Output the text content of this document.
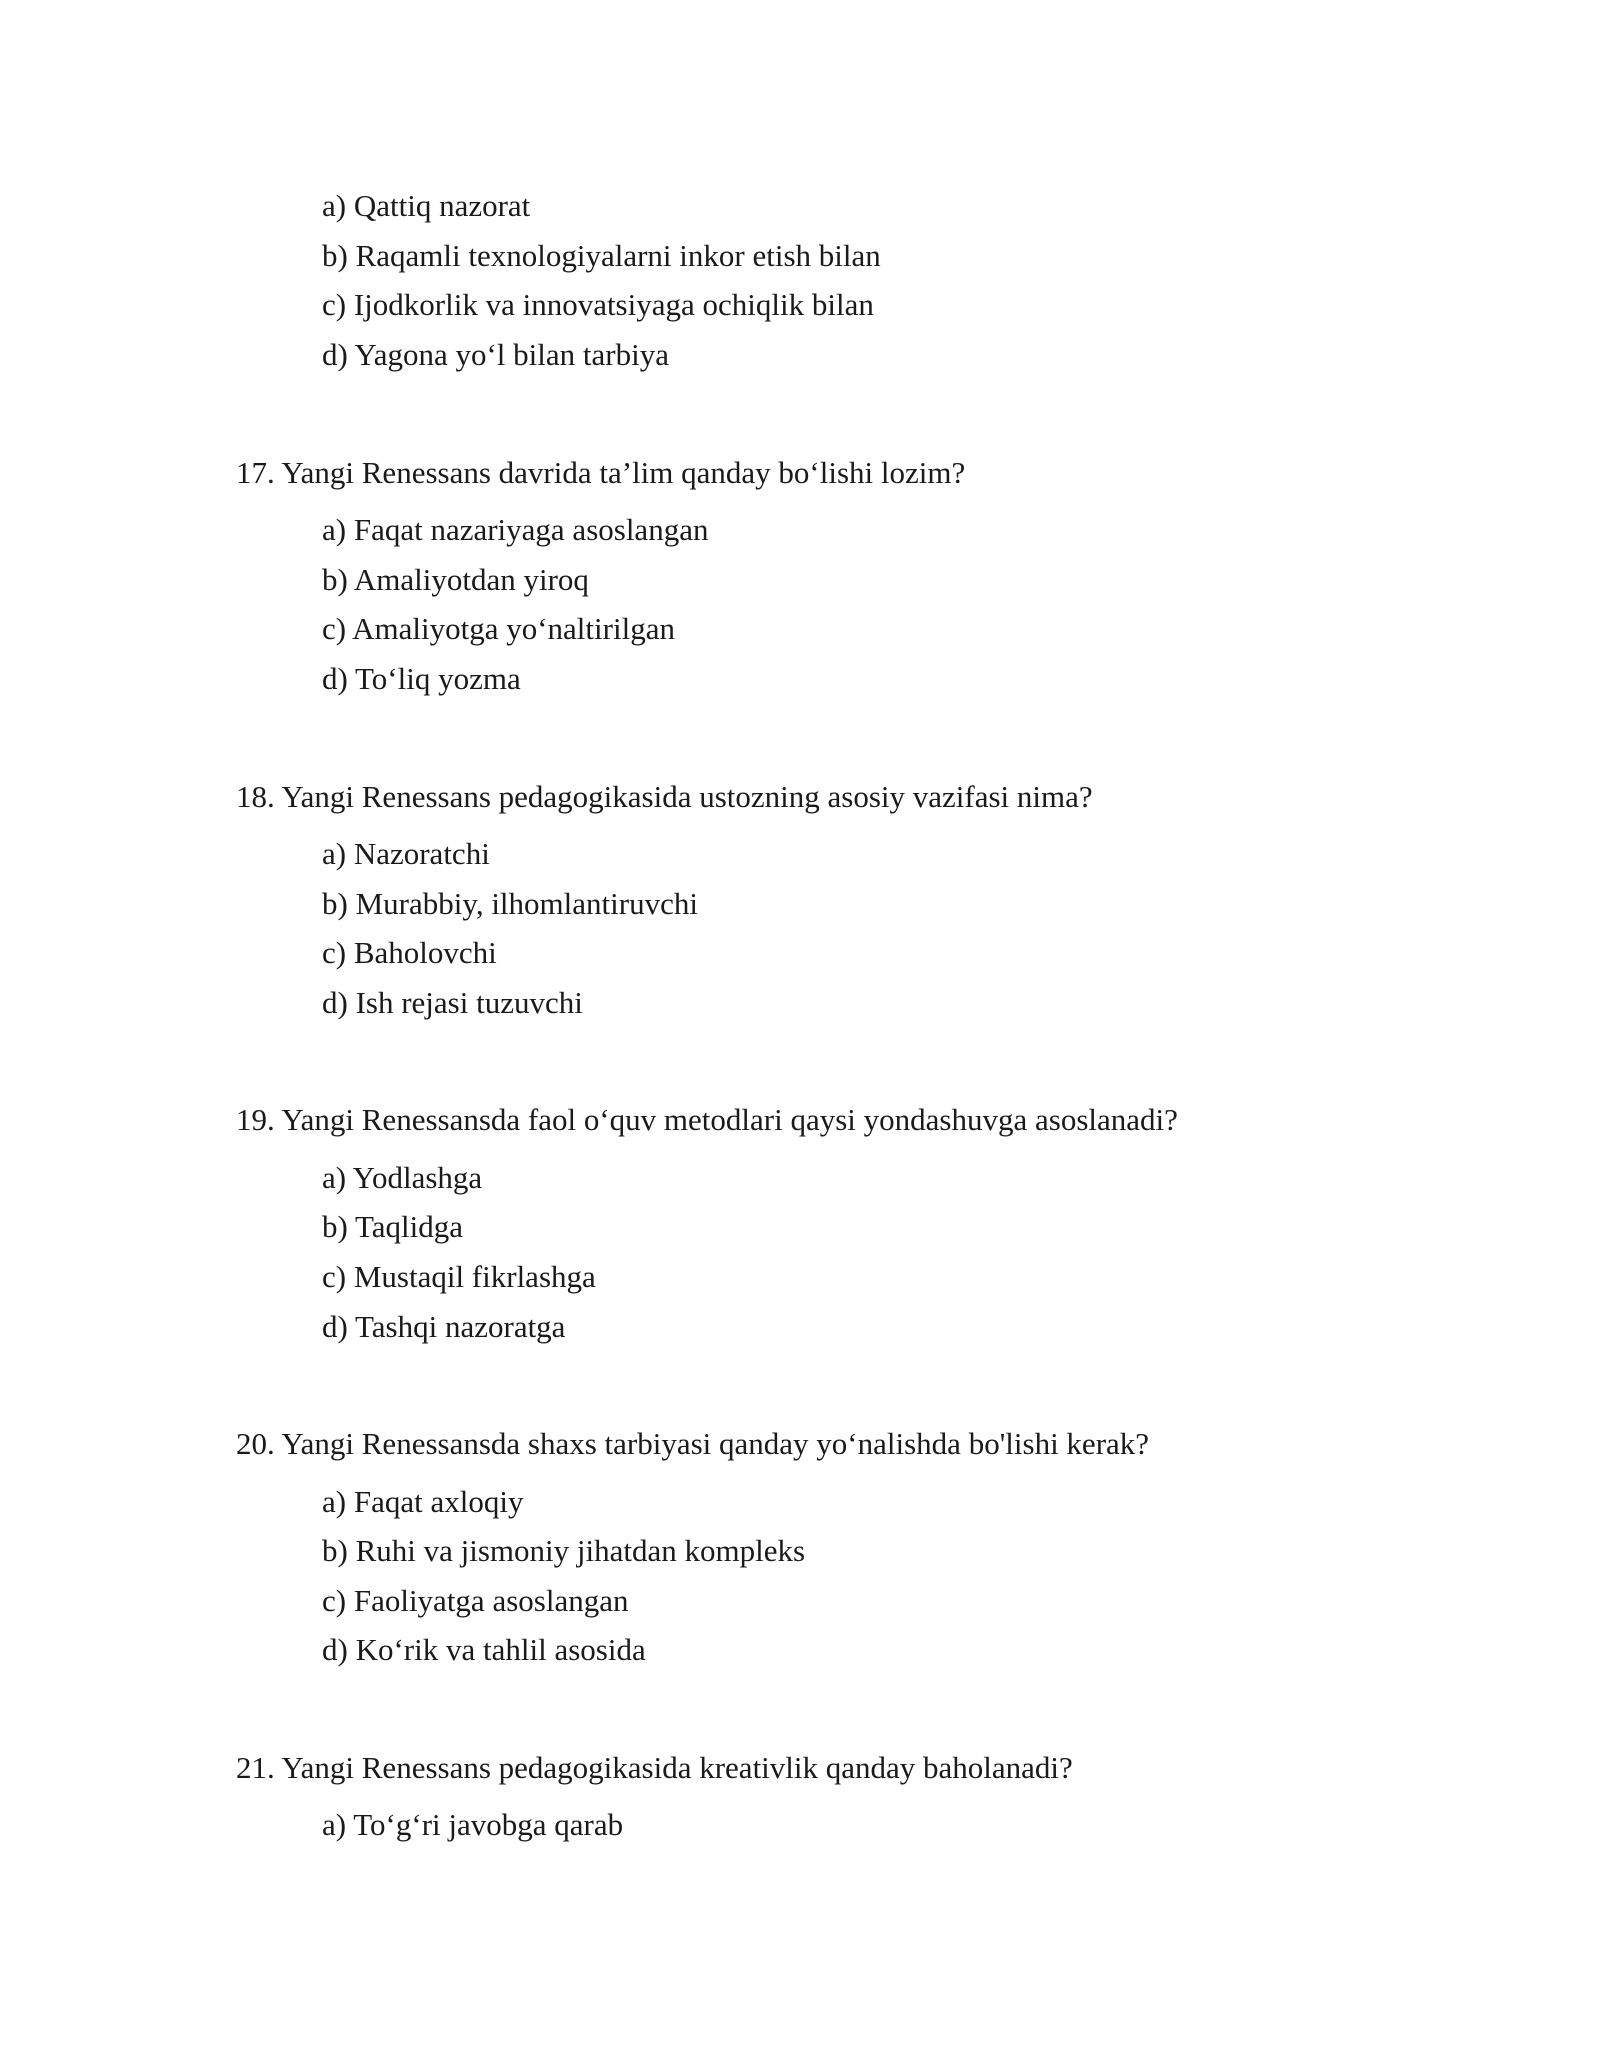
a) Qattiq nazorat
b) Raqamli texnologiyalarni inkor etish bilan
c) Ijodkorlik va innovatsiyaga ochiqlik bilan
d) Yagona yo‘l bilan tarbiya
17. Yangi Renessans davrida ta’lim qanday bo‘lishi lozim?
a) Faqat nazariyaga asoslangan
b) Amaliyotdan yiroq
c) Amaliyotga yo‘naltirilgan
d) To‘liq yozma
18. Yangi Renessans pedagogikasida ustozning asosiy vazifasi nima?
a) Nazoratchi
b) Murabbiy, ilhomlantiruvchi
c) Baholovchi
d) Ish rejasi tuzuvchi
19. Yangi Renessansda faol o‘quv metodlari qaysi yondashuvga asoslanadi?
a) Yodlashga
b) Taqlidga
c) Mustaqil fikrlashga
d) Tashqi nazoratga
20. Yangi Renessansda shaxs tarbiyasi qanday yo‘nalishda bo'lishi kerak?
a) Faqat axloqiy
b) Ruhi va jismoniy jihatdan kompleks
c) Faoliyatga asoslangan
d) Ko‘rik va tahlil asosida
21. Yangi Renessans pedagogikasida kreativlik qanday baholanadi?
a) To‘g‘ri javobga qarab
